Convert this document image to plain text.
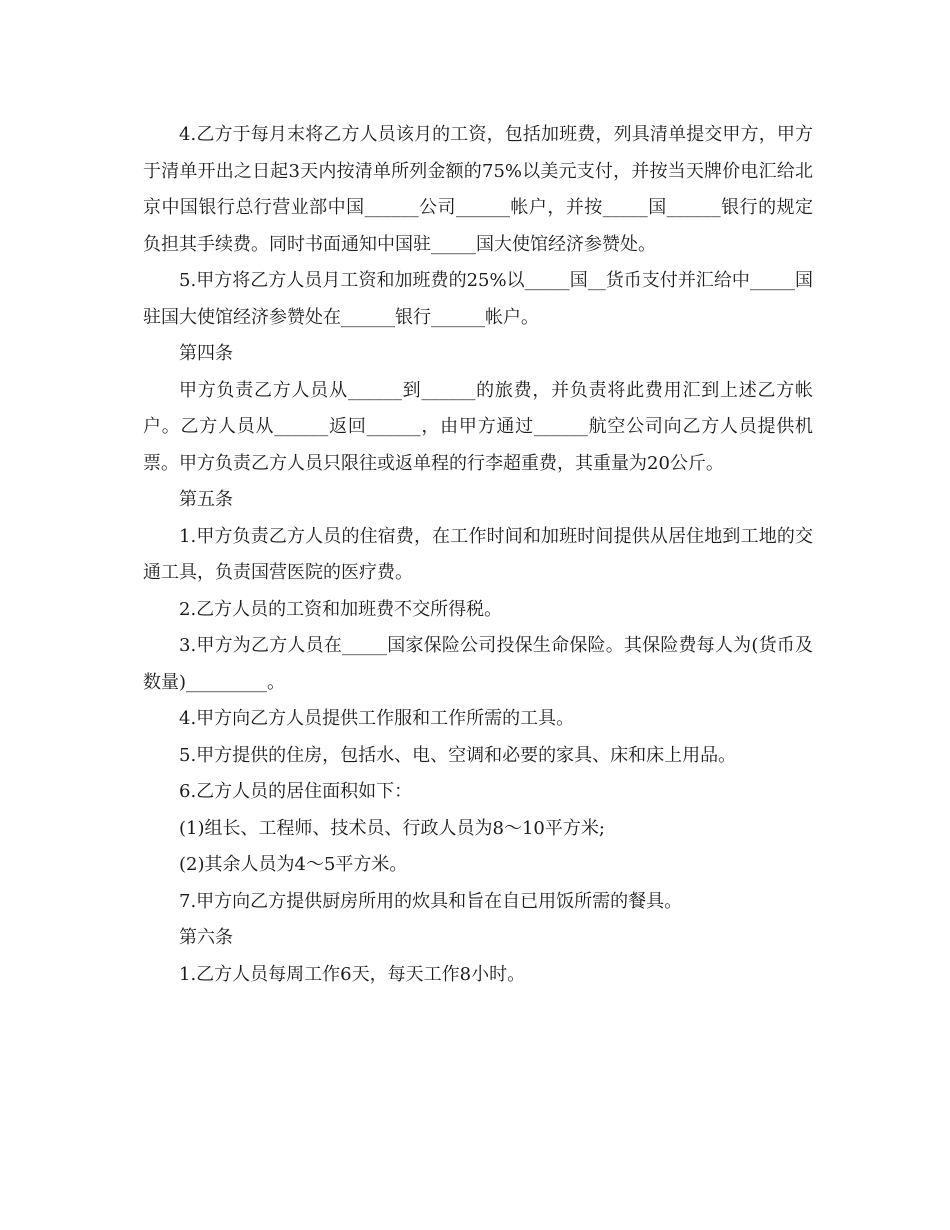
4.乙方于每月末将乙方人员该月的工资，包括加班费，列具清单提交甲方，甲方于清单开出之日起3天内按清单所列金额的75%以美元支付，并按当天牌价电汇给北京中国银行总行营业部中国______公司______帐户，并按_____国______银行的规定负担其手续费。同时书面通知中国驻_____国大使馆经济参赞处。

5.甲方将乙方人员月工资和加班费的25%以_____国__货币支付并汇给中_____国驻国大使馆经济参赞处在______银行______帐户。

第四条

甲方负责乙方人员从______到______的旅费，并负责将此费用汇到上述乙方帐户。乙方人员从______返回______，由甲方通过______航空公司向乙方人员提供机票。甲方负责乙方人员只限往或返单程的行李超重费，其重量为20公斤。

第五条

1.甲方负责乙方人员的住宿费，在工作时间和加班时间提供从居住地到工地的交通工具，负责国营医院的医疗费。

2.乙方人员的工资和加班费不交所得税。

3.甲方为乙方人员在_____国家保险公司投保生命保险。其保险费每人为(货币及数量)_________。

4.甲方向乙方人员提供工作服和工作所需的工具。

5.甲方提供的住房，包括水、电、空调和必要的家具、床和床上用品。

6.乙方人员的居住面积如下：

(1)组长、工程师、技术员、行政人员为8～10平方米;

(2)其余人员为4～5平方米。

7.甲方向乙方提供厨房所用的炊具和旨在自已用饭所需的餐具。

第六条

1.乙方人员每周工作6天，每天工作8小时。
